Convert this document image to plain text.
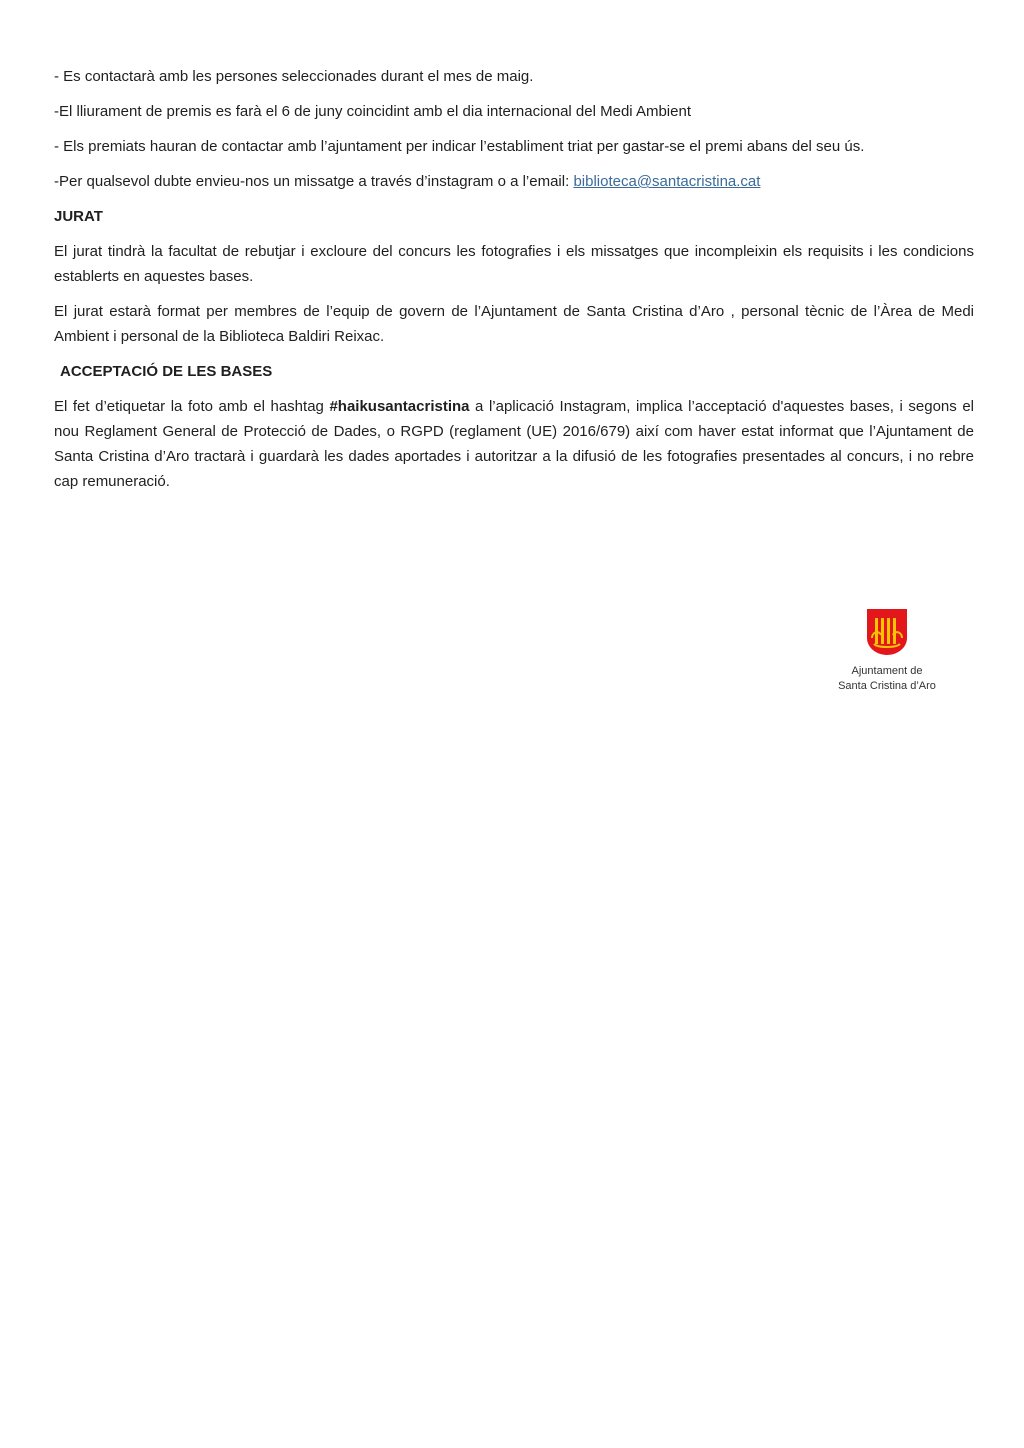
- Es contactarà amb les persones seleccionades durant el mes de maig.

-El lliurament de premis es farà el 6 de juny coincidint amb el dia internacional del Medi Ambient

- Els premiats hauran de contactar amb l’ajuntament per indicar l’establiment triat per gastar-se el premi abans del seu ús.

-Per qualsevol dubte envieu-nos un missatge a través d’instagram o a l’email: biblioteca@santacristina.cat

JURAT

El jurat tindrà la facultat de rebutjar i excloure del concurs les fotografies i els missatges que incompleixin els requisits i les condicions establerts en aquestes bases.

El jurat estarà format per membres de l’equip de govern de l’Ajuntament de Santa Cristina d’Aro , personal tècnic de l’Àrea de Medi Ambient i personal de la Biblioteca Baldiri Reixac.

ACCEPTACIÓ DE LES BASES

El fet d’etiquetar la foto amb el hashtag #haikusantacristina a l’aplicació Instagram, implica l’acceptació d'aquestes bases, i segons el nou Reglament General de Protecció de Dades, o RGPD (reglament (UE) 2016/679) així com haver estat informat que l’Ajuntament de Santa Cristina d’Aro tractarà i guardarà les dades aportades i autoritzar a la difusió de les fotografies presentades al concurs, i no rebre cap remuneració.

Ajuntament de
Santa Cristina d’Aro
